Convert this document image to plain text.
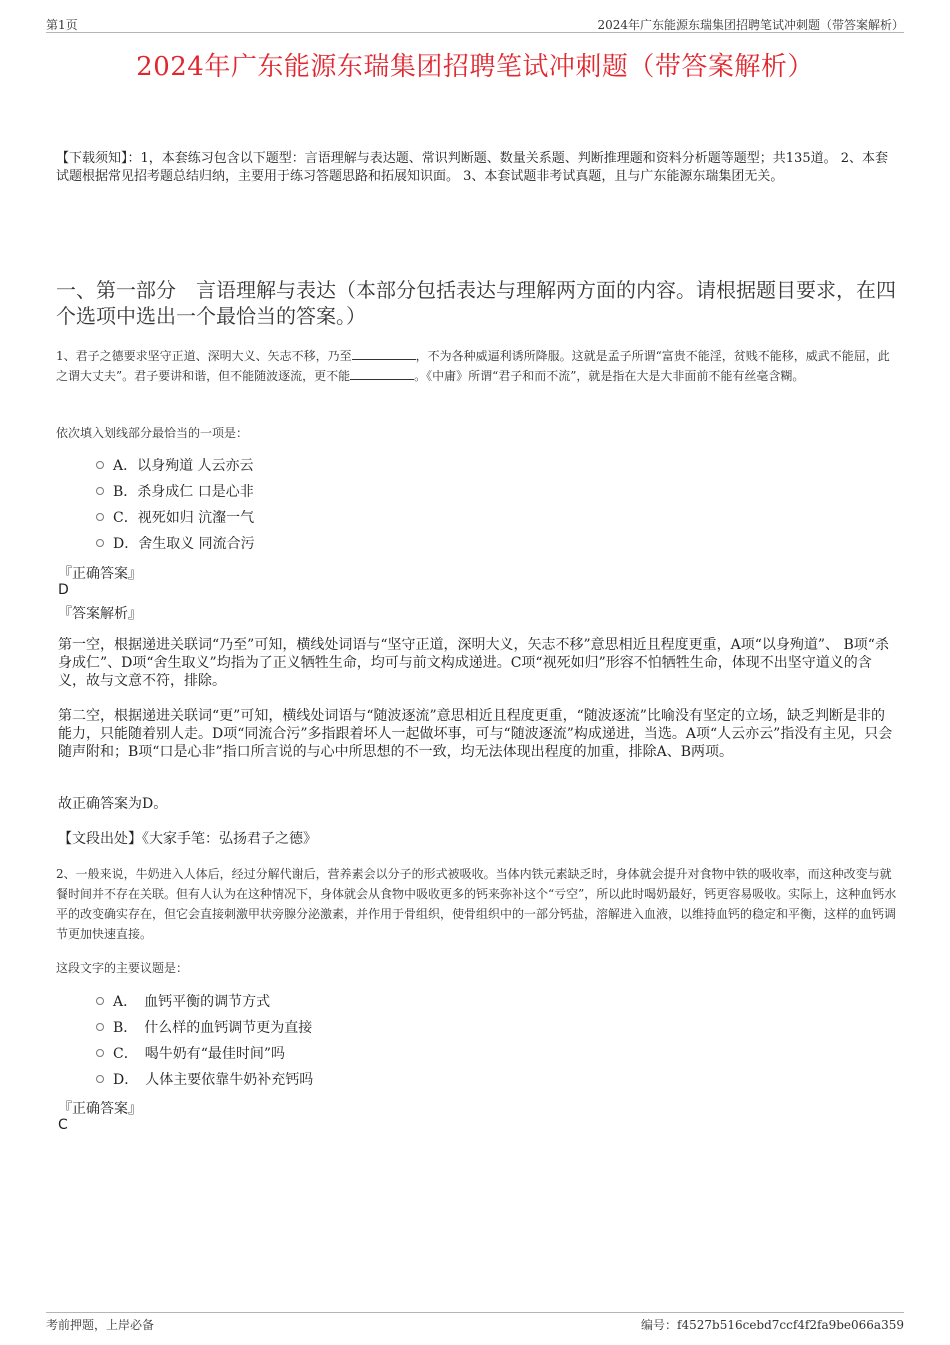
第1页	2024年广东能源东瑞集团招聘笔试冲刺题（带答案解析）
2024年广东能源东瑞集团招聘笔试冲刺题（带答案解析）
【下载须知】：1，本套练习包含以下题型：言语理解与表达题、常识判断题、数量关系题、判断推理题和资料分析题等题型；共135道。 2、本套试题根据常见招考题总结归纳，主要用于练习答题思路和拓展知识面。 3、本套试题非考试真题，且与广东能源东瑞集团无关。
一、第一部分　言语理解与表达（本部分包括表达与理解两方面的内容。请根据题目要求，在四个选项中选出一个最恰当的答案。）
1、君子之德要求坚守正道、深明大义、矢志不移，乃至	，不为各种威逼利诱所降服。这就是孟子所谓“富贵不能淫，贫贱不能移，威武不能屈，此之谓大丈夫”。君子要讲和谐，但不能随波逐流，更不能	。《中庸》所谓“君子和而不流”，就是指在大是大非面前不能有丝毫含糊。
依次填入划线部分最恰当的一项是：
A．以身殉道 人云亦云
B．杀身成仁 口是心非
C．视死如归 沆瀣一气
D．舍生取义 同流合污
『正确答案』
D
『答案解析』
第一空，根据递进关联词“乃至”可知，横线处词语与“坚守正道，深明大义，矢志不移”意思相近且程度更重，A项“以身殉道”、 B项“杀身成仁”、D项“舍生取义”均指为了正义牺牲生命，均可与前文构成递进。C项“视死如归”形容不怕牺牲生命，体现不出坚守道义的含义，故与文意不符，排除。
第二空，根据递进关联词“更”可知，横线处词语与“随波逐流”意思相近且程度更重，“随波逐流”比喻没有坚定的立场，缺乏判断是非的能力，只能随着别人走。D项“同流合污”多指跟着坏人一起做坏事，可与“随波逐流”构成递进，当选。A项“人云亦云”指没有主见，只会随声附和；B项“口是心非”指口所言说的与心中所思想的不一致，均无法体现出程度的加重，排除A、B两项。
故正确答案为D。
【文段出处】《大家手笔：弘扬君子之德》
2、一般来说，牛奶进入人体后，经过分解代谢后，营养素会以分子的形式被吸收。当体内铁元素缺乏时，身体就会提升对食物中铁的吸收率，而这种改变与就餐时间并不存在关联。但有人认为在这种情况下，身体就会从食物中吸收更多的钙来弥补这个“亏空”，所以此时喝奶最好，钙更容易吸收。实际上，这种血钙水平的改变确实存在，但它会直接刺激甲状旁腺分泌激素，并作用于骨组织，使骨组织中的一部分钙盐，溶解进入血液，以维持血钙的稳定和平衡，这样的血钙调节更加快速直接。
这段文字的主要议题是：
A．　血钙平衡的调节方式
B．　什么样的血钙调节更为直接
C．　喝牛奶有“最佳时间”吗
D．　人体主要依靠牛奶补充钙吗
『正确答案』
C
考前押题，上岸必备	编号：f4527b516cebd7ccf4f2fa9be066a359
